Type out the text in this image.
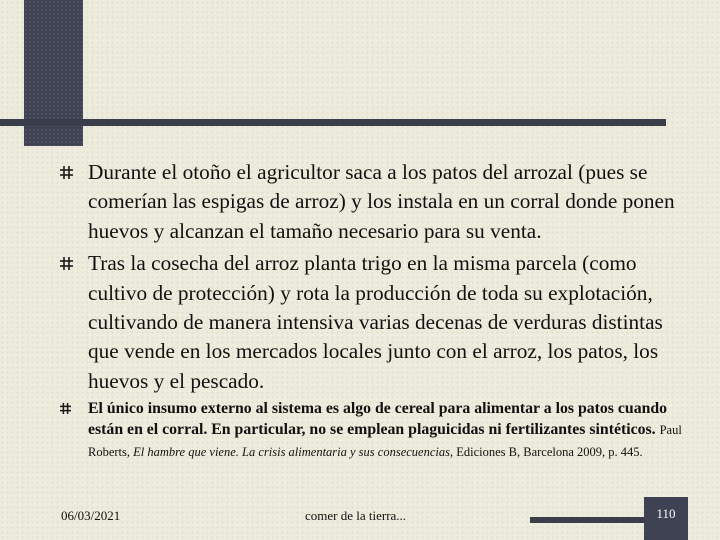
Durante el otoño el agricultor saca a los patos del arrozal (pues se comerían las espigas de arroz) y los instala en un corral donde ponen huevos y alcanzan el tamaño necesario para su venta.

Tras la cosecha del arroz planta trigo en la misma parcela (como cultivo de protección) y rota la producción de toda su explotación, cultivando de manera intensiva varias decenas de verduras distintas que vende en los mercados locales junto con el arroz, los patos, los huevos y el pescado.

El único insumo externo al sistema es algo de cereal para alimentar a los patos cuando están en el corral. En particular, no se emplean plaguicidas ni fertilizantes sintéticos. Paul Roberts, El hambre que viene. La crisis alimentaria y sus consecuencias, Ediciones B, Barcelona 2009, p. 445.

06/03/2021	comer de la tierra...	110
